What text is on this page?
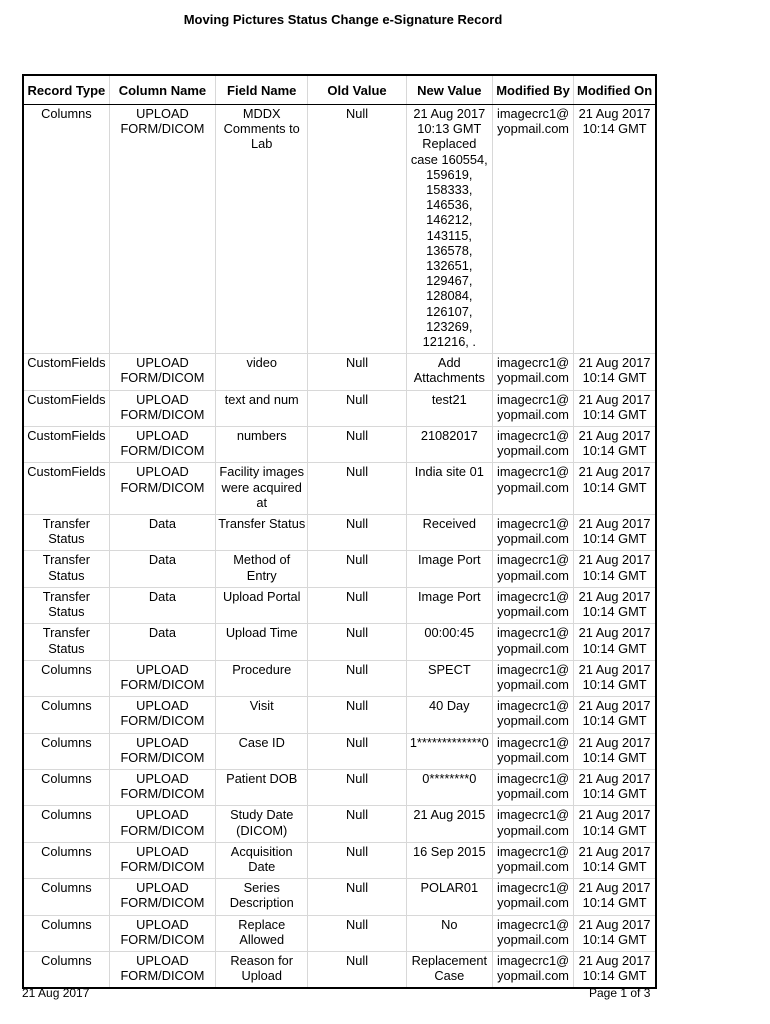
Moving Pictures Status Change e-Signature Record
Record Type	Column Name	Field Name	Old Value	New Value	Modified By	Modified On
Columns	UPLOAD FORM/DICOM	MDDX Comments to Lab	Null	21 Aug 2017 10:13 GMT Replaced case 160554, 159619, 158333, 146536, 146212, 143115, 136578, 132651, 129467, 128084, 126107, 123269, 121216, .	imagecrc1@ yopmail.com	21 Aug 2017 10:14 GMT
CustomFields	UPLOAD FORM/DICOM	video	Null	Add Attachments	imagecrc1@ yopmail.com	21 Aug 2017 10:14 GMT
CustomFields	UPLOAD FORM/DICOM	text and num	Null	test21	imagecrc1@ yopmail.com	21 Aug 2017 10:14 GMT
CustomFields	UPLOAD FORM/DICOM	numbers	Null	21082017	imagecrc1@ yopmail.com	21 Aug 2017 10:14 GMT
CustomFields	UPLOAD FORM/DICOM	Facility images were acquired at	Null	India site 01	imagecrc1@ yopmail.com	21 Aug 2017 10:14 GMT
Transfer Status	Data	Transfer Status	Null	Received	imagecrc1@ yopmail.com	21 Aug 2017 10:14 GMT
Transfer Status	Data	Method of Entry	Null	Image Port	imagecrc1@ yopmail.com	21 Aug 2017 10:14 GMT
Transfer Status	Data	Upload Portal	Null	Image Port	imagecrc1@ yopmail.com	21 Aug 2017 10:14 GMT
Transfer Status	Data	Upload Time	Null	00:00:45	imagecrc1@ yopmail.com	21 Aug 2017 10:14 GMT
Columns	UPLOAD FORM/DICOM	Procedure	Null	SPECT	imagecrc1@ yopmail.com	21 Aug 2017 10:14 GMT
Columns	UPLOAD FORM/DICOM	Visit	Null	40 Day	imagecrc1@ yopmail.com	21 Aug 2017 10:14 GMT
Columns	UPLOAD FORM/DICOM	Case ID	Null	1*************0	imagecrc1@ yopmail.com	21 Aug 2017 10:14 GMT
Columns	UPLOAD FORM/DICOM	Patient DOB	Null	0********0	imagecrc1@ yopmail.com	21 Aug 2017 10:14 GMT
Columns	UPLOAD FORM/DICOM	Study Date (DICOM)	Null	21 Aug 2015	imagecrc1@ yopmail.com	21 Aug 2017 10:14 GMT
Columns	UPLOAD FORM/DICOM	Acquisition Date	Null	16 Sep 2015	imagecrc1@ yopmail.com	21 Aug 2017 10:14 GMT
Columns	UPLOAD FORM/DICOM	Series Description	Null	POLAR01	imagecrc1@ yopmail.com	21 Aug 2017 10:14 GMT
Columns	UPLOAD FORM/DICOM	Replace Allowed	Null	No	imagecrc1@ yopmail.com	21 Aug 2017 10:14 GMT
Columns	UPLOAD FORM/DICOM	Reason for Upload	Null	Replacement Case	imagecrc1@ yopmail.com	21 Aug 2017 10:14 GMT
21 Aug 2017	Page 1 of 3
